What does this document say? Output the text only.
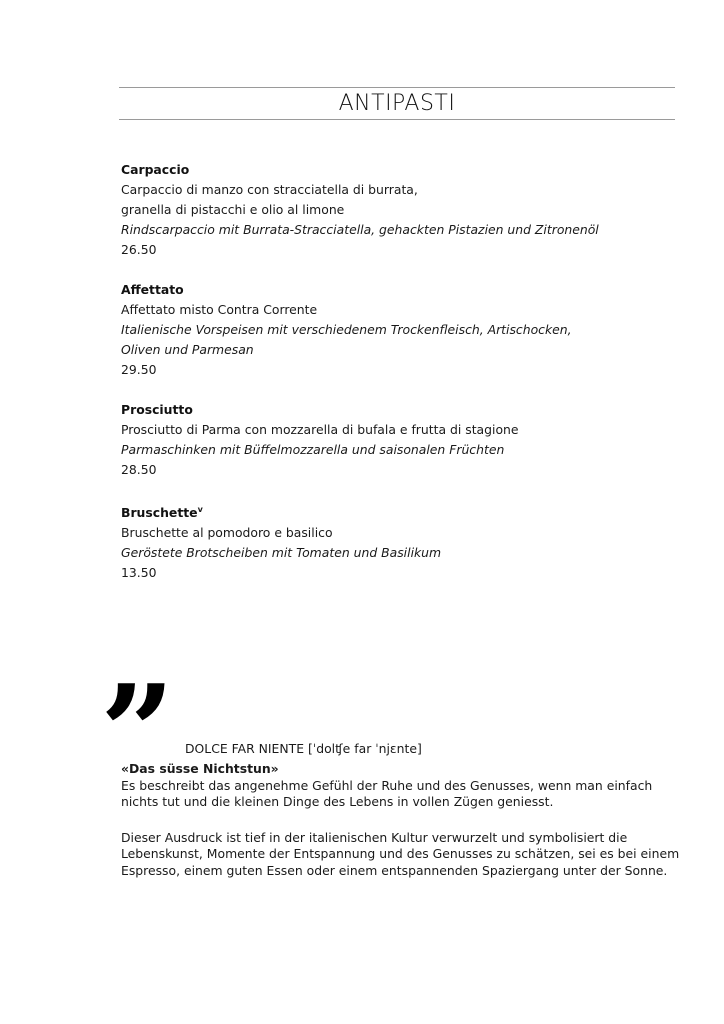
ANTIPASTI
Carpaccio
Carpaccio di manzo con stracciatella di burrata,
granella di pistacchi e olio al limone
Rindscarpaccio mit Burrata-Stracciatella, gehackten Pistazien und Zitronenöl
26.50
Affettato
Affettato misto Contra Corrente
Italienische Vorspeisen mit verschiedenem Trockenfleisch, Artischocken,
Oliven und Parmesan
29.50
Prosciutto
Prosciutto di Parma con mozzarella di bufala e frutta di stagione
Parmaschinken mit Büffelmozzarella und saisonalen Früchten
28.50
Bruschette$^v$
Bruschette al pomodoro e basilico
Geröstete Brotscheiben mit Tomaten und Basilikum
13.50
” DOLCE FAR NIENTE [ˈdolʧe far ˈnjɛnte]
«Das süsse Nichtstun»

Es beschreibt das angenehme Gefühl der Ruhe und des Genusses, wenn man einfach nichts tut und die kleinen Dinge des Lebens in vollen Zügen geniesst.

Dieser Ausdruck ist tief in der italienischen Kultur verwurzelt und symbolisiert die Lebenskunst, Momente der Entspannung und des Genusses zu schätzen, sei es bei einem Espresso, einem guten Essen oder einem entspannenden Spaziergang unter der Sonne.
